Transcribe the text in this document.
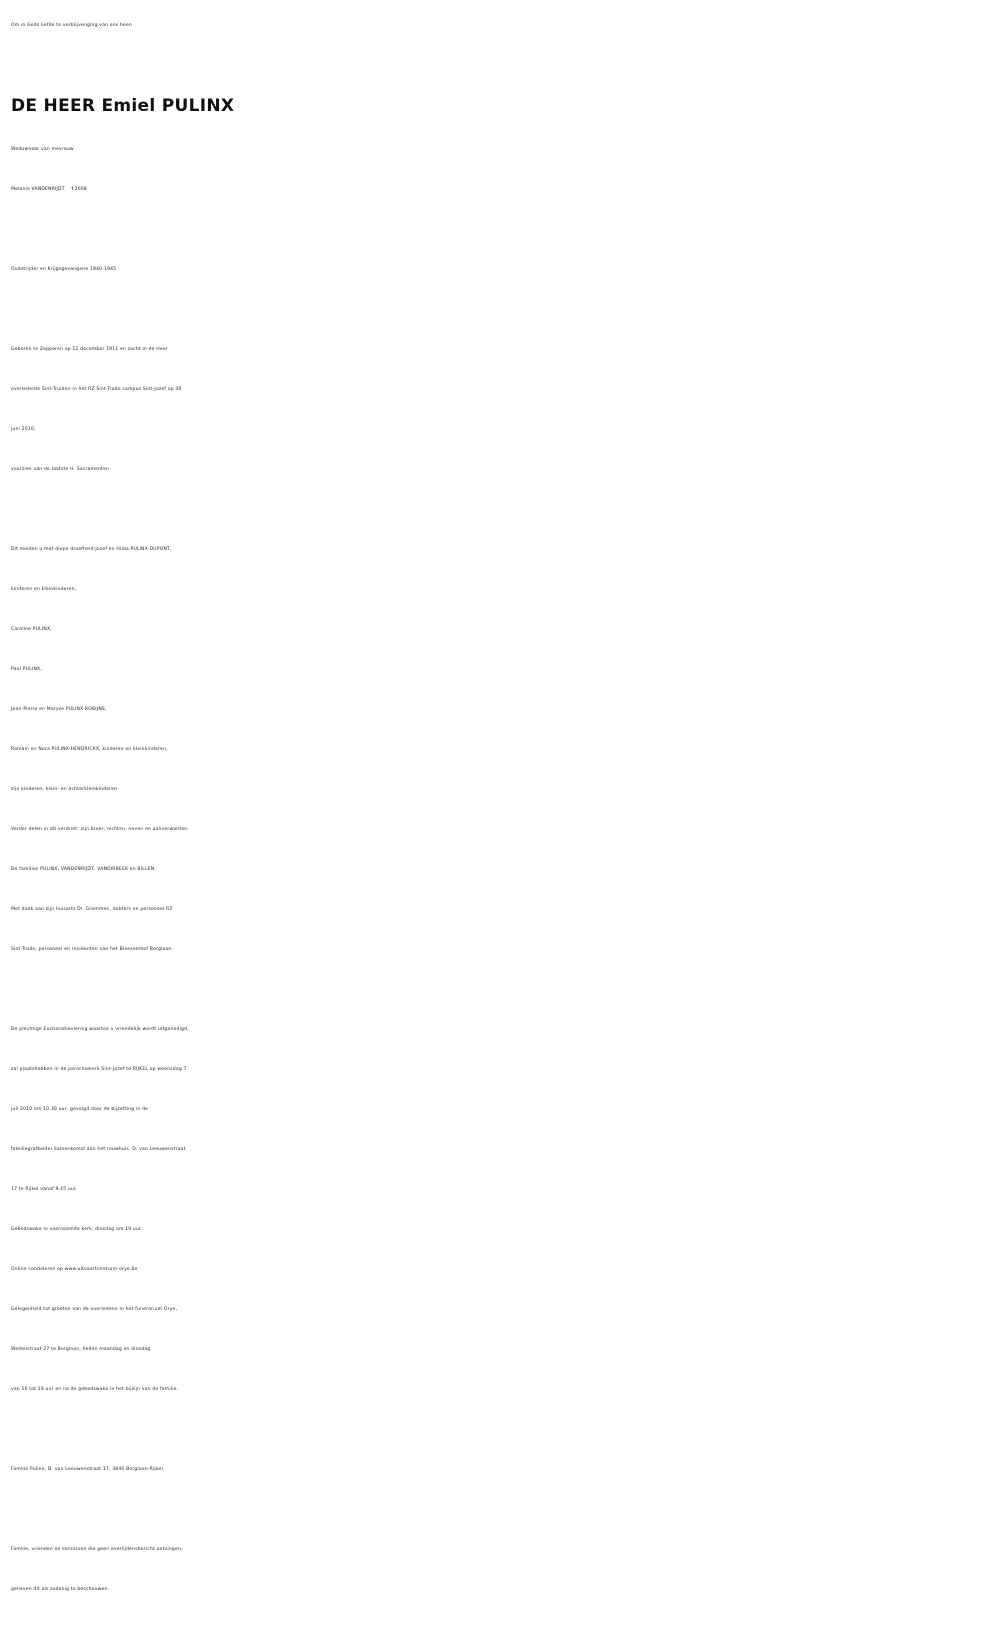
Om in Gods liefde te verblijvenging van ons heen
DE HEER Emiel PULINX
Weduwnaar van mevrouw
Melanie VANDENRIJDT ✝2008
Oudstrijder en Krijgsgevangene 1940-1945
Geboren te Zepperen op 12 december 1911 en zacht in de Heer
overledente Sint-Truiden in het RZ Sint-Trudo campus Sint-Jozef op 30
juni 2010,
voorzien van de laatste H. Sacramenten.
Dit melden u met diepe droefheid:Jozef en Hilda PULINX-DUPONT,
kinderen en kleinkinderen,
Caroline PULINX,
Paul PULINX,
Jean-Pierre en Maryse PULINX-ROBIJNS,
Romain en Nora PULINX-HENDRICKX, kinderen en kleinkinderen,
zijn kinderen, klein- en achterkleinkinderen
Verder delen in dit verdriet: zijn broer, nichten, neven en aanverwanten.
De families PULINX, VANDENRIJDT, VANOIRBEEK en BILLEN.
Met dank aan zijn huisarts Dr. Grommen, dokters en personeel RZ
Sint-Trudo, personeel en residenten van het Bloesemhof Borgloon.
De plechtige Eucharistieviering waartoe u vriendelijk wordt uitgenodigd,
zal plaatshebben in de parochiekerk Sint-Jozef te RIJKEL op woensdag 7
juli 2010 om 10.30 uur, gevolgd door de bijzetting in de
familiegrafkelder.Samenkomst aan het rouwhuis, D. van Leeuwenstraat
17 te Rijkel vanaf 9.45 uur.
Gebedswake in voornoemde kerk, dinsdag om 19 uur.
Online condoleren op www.uitvaartcentrum-orye.be
Gelegenheid tot groeten van de overledene in het funerarium Orye,
Wellenstraat 27 te Borgloon, heden maandag en dinsdag
van 16 tot 19 uur en na de gebedswake in het bijzijn van de familie.
Familie Pulinx, D. van Leeuwenstraat 17, 3840 Borgloon-Rijkel.
Familie, vrienden en kennissen die geen overlijdensbericht ontvingen,
gelieven dit als zodanig te beschouwen.
